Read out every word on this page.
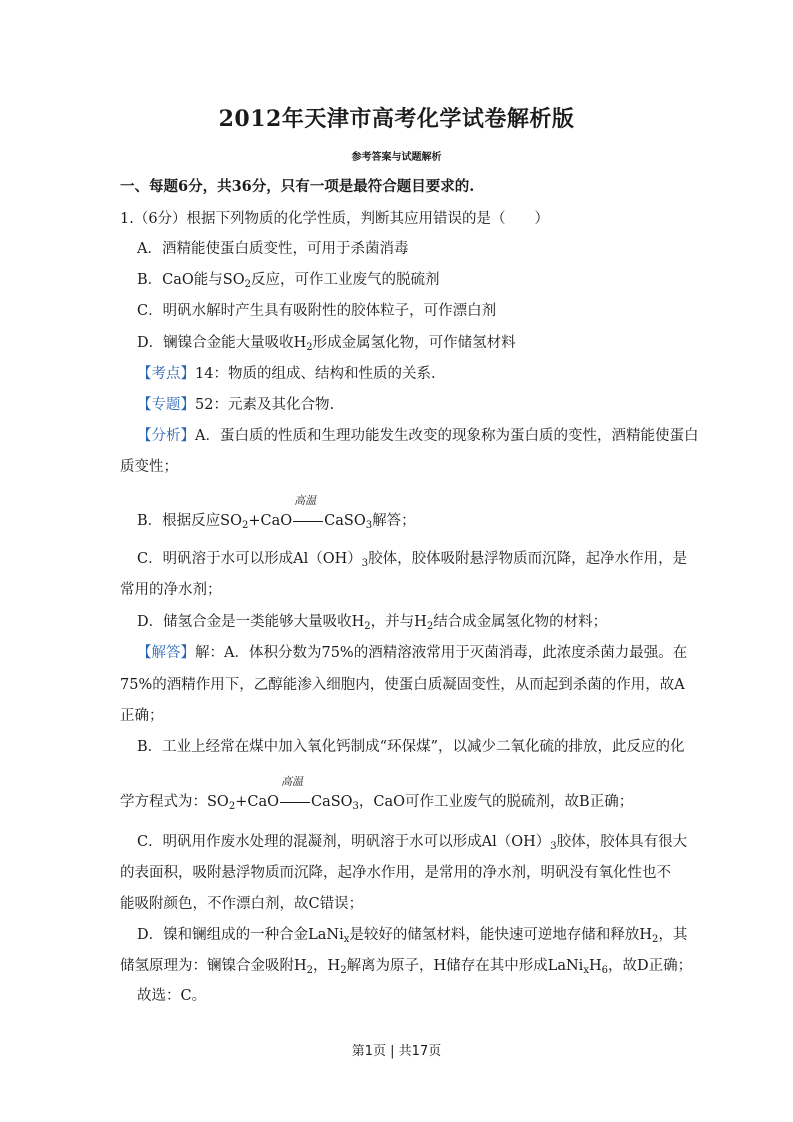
2012年天津市高考化学试卷解析版
参考答案与试题解析
一、每题6分，共36分，只有一项是最符合题目要求的.
1.（6分）根据下列物质的化学性质，判断其应用错误的是（　　）
A．酒精能使蛋白质变性，可用于杀菌消毒
B．CaO能与$SO_2$反应，可作工业废气的脱硫剂
C．明矾水解时产生具有吸附性的胶体粒子，可作漂白剂
D．镧镍合金能大量吸收$H_2$形成金属氢化物，可作储氢材料
【考点】14：物质的组成、结构和性质的关系.
【专题】52：元素及其化合物.
【分析】A．蛋白质的性质和生理功能发生改变的现象称为蛋白质的变性，酒精能使蛋白
质变性；
B．根据反应$SO_2+CaO$
高温
CaSO$_3$解答；
C．明矾溶于水可以形成$Al(OH)_3$胶体，胶体吸附悬浮物质而沉降，起净水作用，是
常用的净水剂；
D．储氢合金是一类能够大量吸收$H_2$，并与$H_2$结合成金属氢化物的材料；
【解答】解：A．体积分数为75%的酒精溶液常用于灭菌消毒，此浓度杀菌力最强。在
75%的酒精作用下，乙醇能渗入细胞内，使蛋白质凝固变性，从而起到杀菌的作用，故A
正确；
B．工业上经常在煤中加入氧化钙制成“环保煤”，以减少二氧化硫的排放，此反应的化
学方程式为：$SO_2+CaO$
高温
CaSO$_3$，CaO可作工业废气的脱硫剂，故B正确；
C．明矾用作废水处理的混凝剂，明矾溶于水可以形成$Al(OH)_3$胶体，胶体具有很大
的表面积，吸附悬浮物质而沉降，起净水作用，是常用的净水剂，明矾没有氧化性也不
能吸附颜色，不作漂白剂，故C错误；
D．镍和镧组成的一种合金LaNi$_x$是较好的储氢材料，能快速可逆地存储和释放$H_2$，其
储氢原理为：镧镍合金吸附$H_2$，$H_2$解离为原子，H储存在其中形成$LaNi_xH_6$，故D正确；
故选：C。
第1页 | 共17页
